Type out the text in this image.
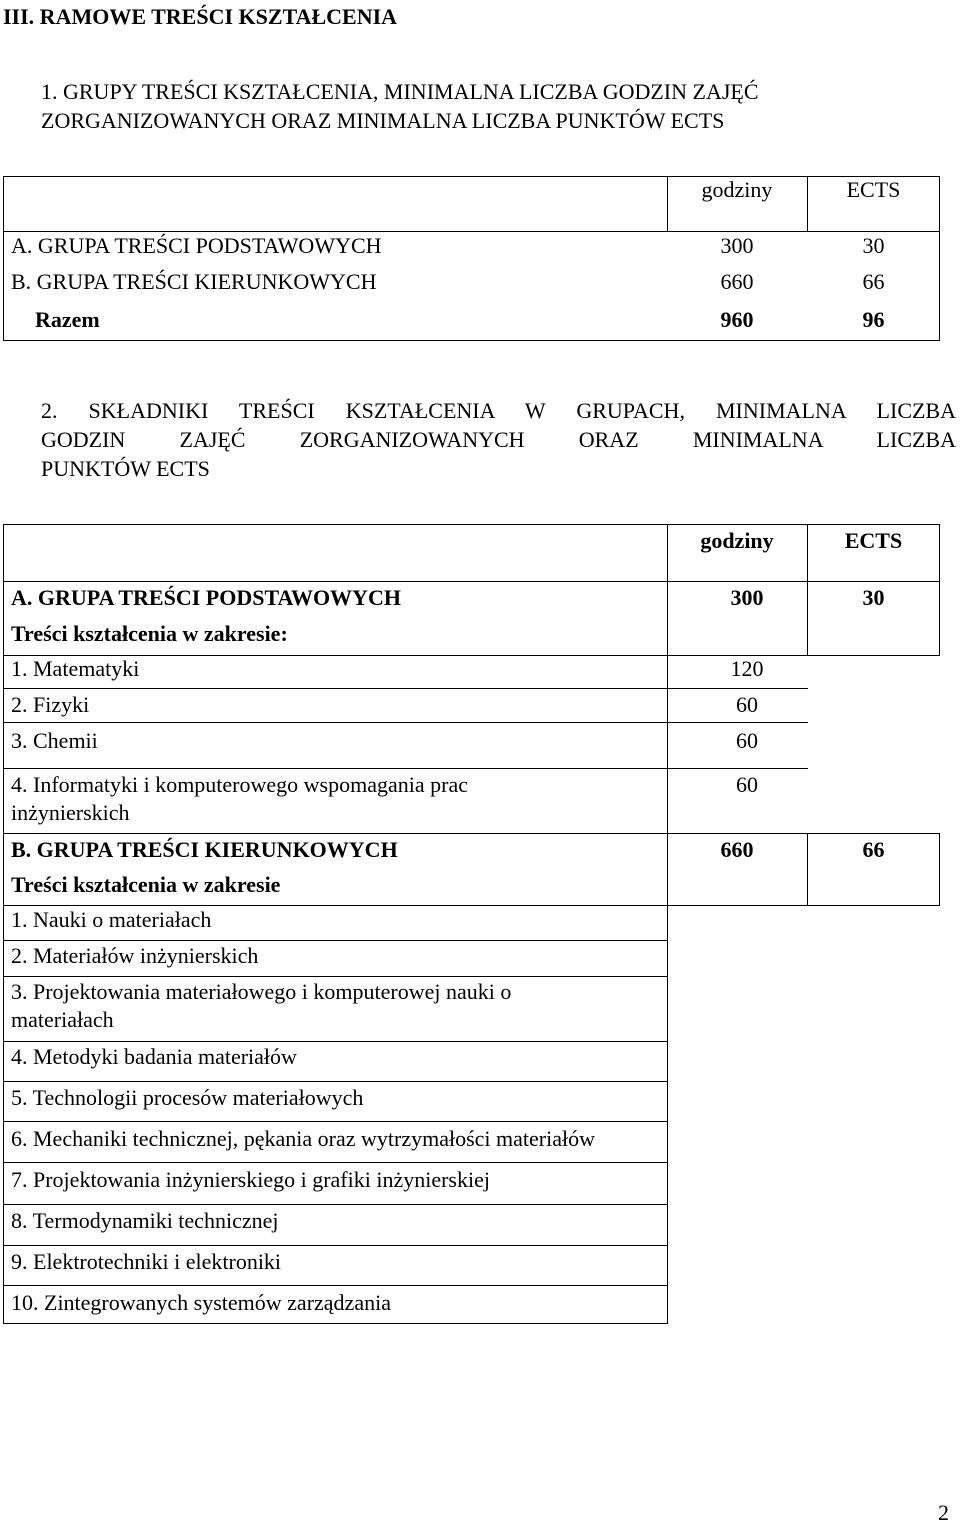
III. RAMOWE TREŚCI KSZTAŁCENIA
1. GRUPY TREŚCI KSZTAŁCENIA, MINIMALNA LICZBA GODZIN ZAJĘĆ
ZORGANIZOWANYCH ORAZ MINIMALNA LICZBA PUNKTÓW ECTS
godziny	ECTS
A. GRUPA TREŚCI PODSTAWOWYCH	300	30
B. GRUPA TREŚCI KIERUNKOWYCH	660	66
Razem	960	96
2. SKŁADNIKI TREŚCI KSZTAŁCENIA W GRUPACH, MINIMALNA LICZBA
GODZIN ZAJĘĆ ZORGANIZOWANYCH ORAZ MINIMALNA LICZBA
PUNKTÓW ECTS
godziny	ECTS
A. GRUPA TREŚCI PODSTAWOWYCH	300	30
Treści kształcenia w zakresie:
1. Matematyki	120
2. Fizyki	60
3. Chemii	60
4. Informatyki i komputerowego wspomagania prac
inżynierskich
60
B. GRUPA TREŚCI KIERUNKOWYCH	660	66
Treści kształcenia w zakresie
1. Nauki o materiałach
2. Materiałów inżynierskich
3. Projektowania materiałowego i komputerowej nauki o
materiałach
4. Metodyki badania materiałów
5. Technologii procesów materiałowych
6. Mechaniki technicznej, pękania oraz wytrzymałości materiałów
7. Projektowania inżynierskiego i grafiki inżynierskiej
8. Termodynamiki technicznej
9. Elektrotechniki i elektroniki
10. Zintegrowanych systemów zarządzania
2
